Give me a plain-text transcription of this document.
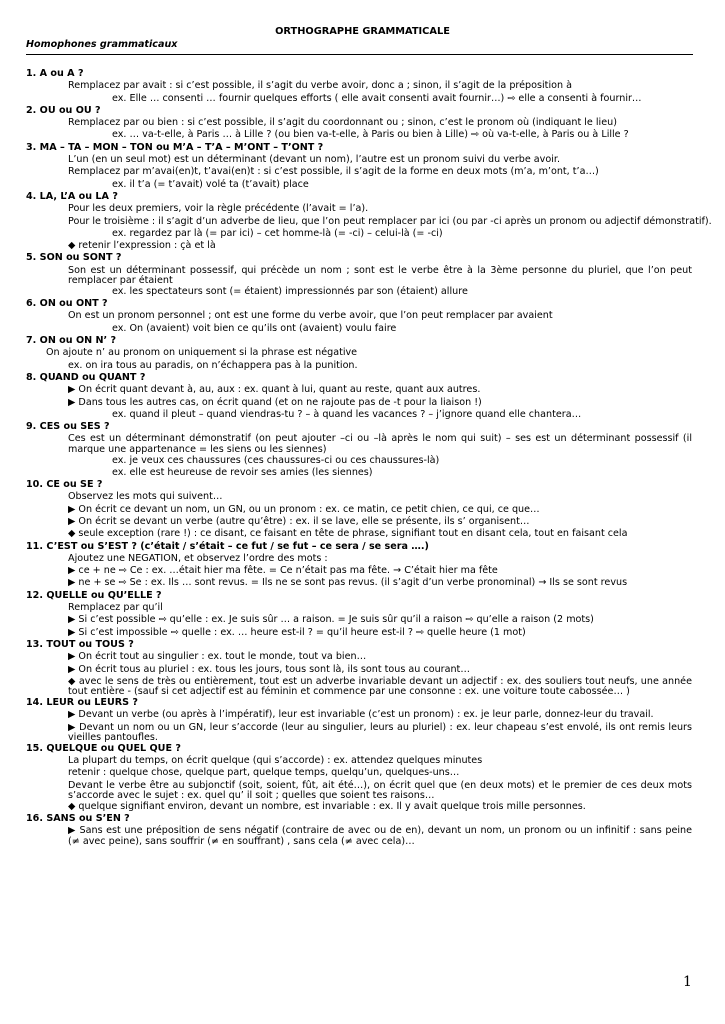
ORTHOGRAPHE GRAMMATICALE
Homophones grammaticaux
1. A ou A ?
Remplacez par avait : si c’est possible, il s’agit du verbe avoir, donc a ; sinon, il s’agit de la préposition à
ex. Elle … consenti … fournir quelques efforts ( elle avait consenti avait fournir…) ⇨ elle a consenti à fournir…
2. OU ou OU ?
Remplacez par ou bien : si c’est possible, il s’agit du coordonnant ou ; sinon, c’est le pronom où (indiquant le lieu)
ex. … va-t-elle, à Paris … à Lille ? (ou bien va-t-elle, à Paris ou bien à Lille) ⇨ où va-t-elle, à Paris ou à Lille ?
3. MA – TA – MON – TON ou M’A – T’A – M’ONT – T’ONT ?
L’un (en un seul mot) est un déterminant (devant un nom), l’autre est un pronom suivi du verbe avoir.
Remplacez par m’avai(en)t, t’avai(en)t : si c’est possible, il s’agit de la forme en deux mots (m’a, m’ont, t’a…)
ex. il t’a (= t’avait) volé ta (t’avait) place
4. LA, L’A ou LA ?
Pour les deux premiers, voir la règle précédente (l’avait = l’a).
Pour le troisième : il s’agit d’un adverbe de lieu, que l’on peut remplacer par ici (ou par -ci après un pronom ou adjectif démonstratif).
ex. regardez par là (= par ici) – cet homme-là (= -ci) – celui-là (= -ci)
◆ retenir l’expression : çà et là
5. SON ou SONT ?
Son est un déterminant possessif, qui précède un nom ; sont est le verbe être à la 3ème personne du pluriel, que l’on peut remplacer par étaient
ex. les spectateurs sont (= étaient) impressionnés par son (étaient) allure
6. ON ou ONT ?
On est un pronom personnel ; ont est une forme du verbe avoir, que l’on peut remplacer par avaient
ex. On (avaient) voit bien ce qu’ils ont (avaient) voulu faire
7. ON ou ON N’ ?
On ajoute n’ au pronom on uniquement si la phrase est négative
ex. on ira tous au paradis, on n’échappera pas à la punition.
8. QUAND ou QUANT ?
▶ On écrit quant devant à, au, aux : ex. quant à lui, quant au reste, quant aux autres.
▶ Dans tous les autres cas, on écrit quand (et on ne rajoute pas de -t pour la liaison !)
ex. quand il pleut – quand viendras-tu ? – à quand les vacances ? – j’ignore quand elle chantera…
9. CES ou SES ?
Ces est un déterminant démonstratif (on peut ajouter –ci ou –là après le nom qui suit) – ses est un déterminant possessif (il marque une appartenance = les siens ou les siennes)
ex. je veux ces chaussures (ces chaussures-ci ou ces chaussures-là)
ex. elle est heureuse de revoir ses amies (les siennes)
10. CE ou SE ?
Observez les mots qui suivent…
▶ On écrit ce devant un nom, un GN, ou un pronom : ex. ce matin, ce petit chien, ce qui, ce que…
▶ On écrit se devant un verbe (autre qu’être) : ex. il se lave, elle se présente, ils s’ organisent…
◆ seule exception (rare !) : ce disant, ce faisant en tête de phrase, signifiant tout en disant cela, tout en faisant cela
11. C’EST ou S’EST ? (c’était / s’était – ce fut / se fut – ce sera / se sera ….)
Ajoutez une NEGATION, et observez l’ordre des mots :
▶ ce + ne ⇨ Ce : ex. …était hier ma fête. = Ce n’était pas ma fête. → C’était hier ma fête
▶ ne + se ⇨ Se : ex. Ils … sont revus. = Ils ne se sont pas revus. (il s’agit d’un verbe pronominal) → Ils se sont revus
12. QUELLE ou QU’ELLE ?
Remplacez par qu’il
▶ Si c’est possible ⇨ qu’elle : ex. Je suis sûr … a raison. = Je suis sûr qu’il a raison ⇨ qu’elle a raison (2 mots)
▶ Si c’est impossible ⇨ quelle : ex. … heure est-il ? = qu’il heure est-il ? ⇨ quelle heure (1 mot)
13. TOUT ou TOUS ?
▶ On écrit tout au singulier : ex. tout le monde, tout va bien…
▶ On écrit tous au pluriel : ex. tous les jours, tous sont là, ils sont tous au courant…
◆ avec le sens de très ou entièrement, tout est un adverbe invariable devant un adjectif : ex. des souliers tout neufs, une année tout entière - (sauf si cet adjectif est au féminin et commence par une consonne : ex. une voiture toute cabossée… )
14. LEUR ou LEURS ?
▶ Devant un verbe (ou après à l’impératif), leur est invariable (c’est un pronom) : ex. je leur parle, donnez-leur du travail.
▶ Devant un nom ou un GN, leur s’accorde (leur au singulier, leurs au pluriel) : ex. leur chapeau s’est envolé, ils ont remis leurs vieilles pantoufles.
15. QUELQUE ou QUEL QUE ?
La plupart du temps, on écrit quelque (qui s’accorde) : ex. attendez quelques minutes
retenir : quelque chose, quelque part, quelque temps, quelqu’un, quelques-uns…
Devant le verbe être au subjonctif (soit, soient, fût, ait été…), on écrit quel que (en deux mots) et le premier de ces deux mots s’accorde avec le sujet : ex. quel qu’ il soit ; quelles que soient tes raisons…
◆ quelque signifiant environ, devant un nombre, est invariable : ex. Il y avait quelque trois mille personnes.
16. SANS ou S’EN ?
▶ Sans est une préposition de sens négatif (contraire de avec ou de en), devant un nom, un pronom ou un infinitif : sans peine (≠ avec peine), sans souffrir (≠ en souffrant) , sans cela (≠ avec cela)…
1
